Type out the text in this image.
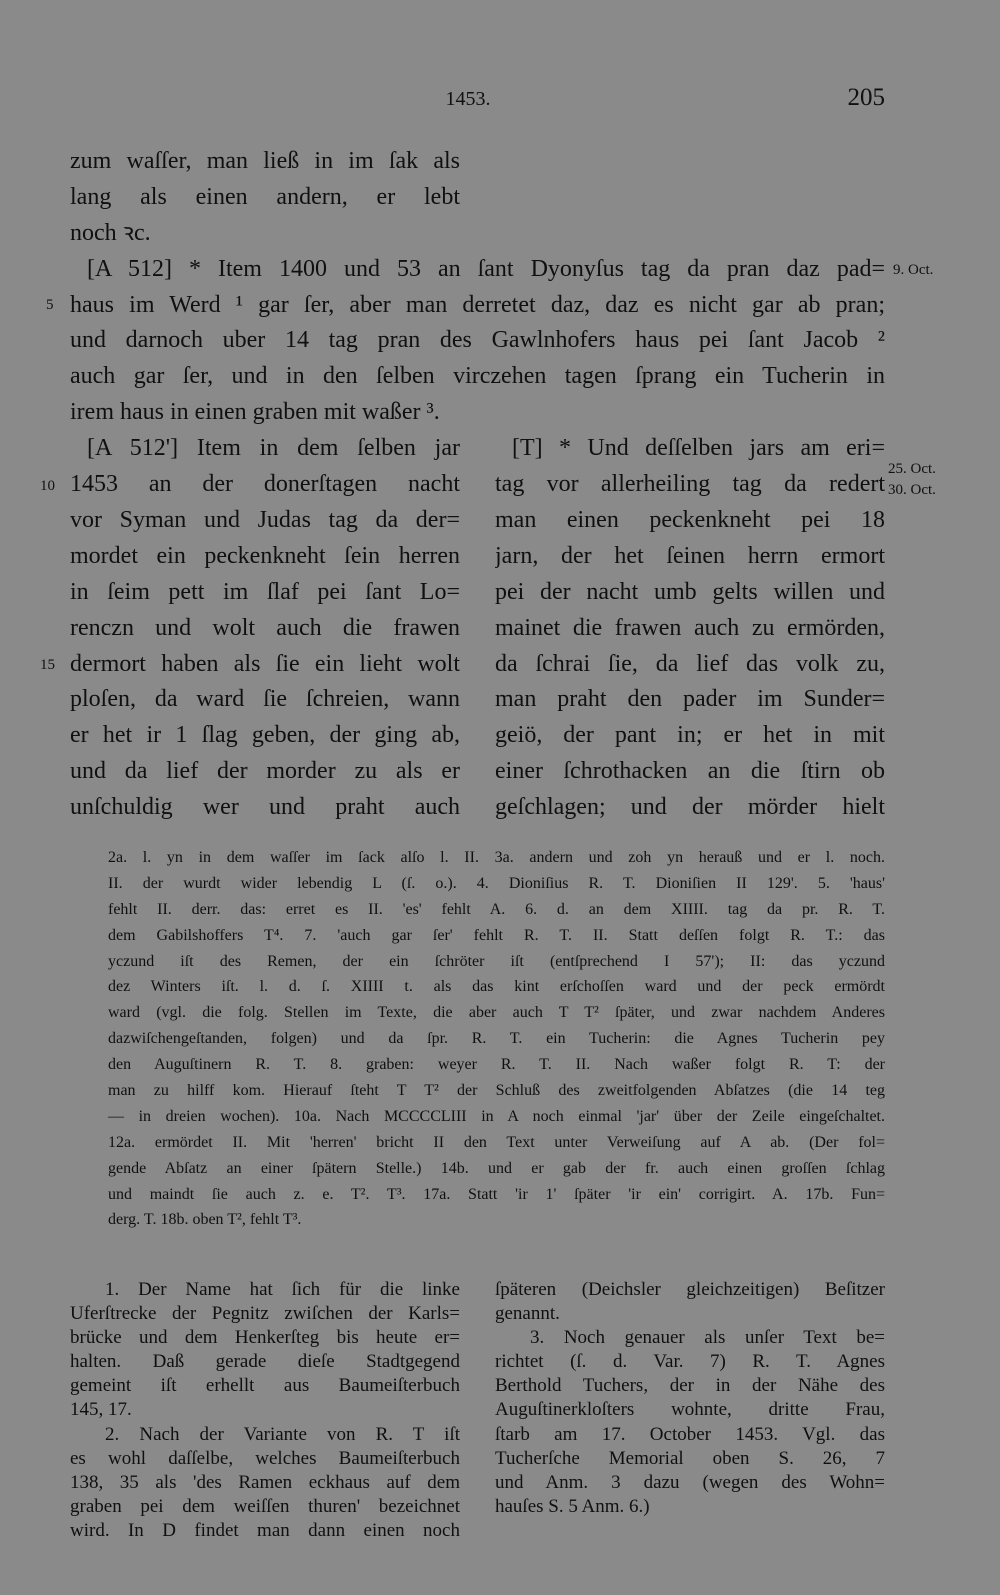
1453.	205
zum waſſer, man ließ in im ſak als
lang als einen andern, er lebt
noch ꝛc.
[A 512] * Item 1400 und 53 an ſant Dyonyſus tag da pran daz pad=
haus im Werd ¹ gar ſer, aber man derretet daz, daz es nicht gar ab pran;
und darnoch uber 14 tag pran des Gawlnhofers haus pei ſant Jacob ²
auch gar ſer, und in den ſelben virczehen tagen ſprang ein Tucherin in
irem haus in einen graben mit waßer ³.
[A 512'] Item in dem ſelben jar
1453 an der donerſtagen nacht
vor Syman und Judas tag da der=
mordet ein peckenkneht ſein herren
in ſeim pett im ſlaf pei ſant Lo=
renczn und wolt auch die frawen
dermort haben als ſie ein lieht wolt
ploſen, da ward ſie ſchreien, wann
er het ir 1 ſlag geben, der ging ab,
und da lief der morder zu als er
unſchuldig wer und praht auch
[T] * Und deſſelben jars am eri=
tag vor allerheiling tag da redert
man einen peckenkneht pei 18
jarn, der het ſeinen herrn ermort
pei der nacht umb gelts willen und
mainet die frawen auch zu ermörden,
da ſchrai ſie, da lief das volk zu,
man praht den pader im Sunder=
geiö, der pant in; er het in mit
einer ſchrothacken an die ſtirn ob
geſchlagen; und der mörder hielt
5
10
15
9. Oct.
25. Oct.
30. Oct.
2a. l. yn in dem waſſer im ſack alſo l. II. 3a. andern und zoh yn herauß und er l. noch.
II. der wurdt wider lebendig L (ſ. o.). 4. Dioniſius R. T. Dioniſien II 129'. 5. 'haus'
fehlt II. derr. das: erret es II. 'es' fehlt A. 6. d. an dem XIIII. tag da pr. R. T.
dem Gabilshoffers T⁴. 7. 'auch gar ſer' fehlt R. T. II. Statt deſſen folgt R. T.: das
yczund iſt des Remen, der ein ſchröter iſt (entſprechend I 57'); II: das yczund
dez Winters iſt. l. d. ſ. XIIII t. als das kint erſchoſſen ward und der peck ermördt
ward (vgl. die folg. Stellen im Texte, die aber auch T T² ſpäter, und zwar nachdem Anderes
dazwiſchengeſtanden, folgen) und da ſpr. R. T. ein Tucherin: die Agnes Tucherin pey
den Auguſtinern R. T. 8. graben: weyer R. T. II. Nach waßer folgt R. T: der
man zu hilff kom. Hierauf ſteht T T² der Schluß des zweitfolgenden Abſatzes (die 14 teg
— in dreien wochen). 10a. Nach MCCCCLIII in A noch einmal 'jar' über der Zeile eingeſchaltet.
12a. ermördet II. Mit 'herren' bricht II den Text unter Verweiſung auf A ab. (Der fol=
gende Abſatz an einer ſpätern Stelle.) 14b. und er gab der fr. auch einen groſſen ſchlag
und maindt ſie auch z. e. T². T³. 17a. Statt 'ir 1' ſpäter 'ir ein' corrigirt. A. 17b. Fun=
derg. T. 18b. oben T², fehlt T³.
1. Der Name hat ſich für die linke
Uferſtrecke der Pegnitz zwiſchen der Karls=
brücke und dem Henkerſteg bis heute er=
halten. Daß gerade dieſe Stadtgegend
gemeint iſt erhellt aus Baumeiſterbuch
145, 17.
2. Nach der Variante von R. T iſt
es wohl daſſelbe, welches Baumeiſterbuch
138, 35 als 'des Ramen eckhaus auf dem
graben pei dem weiſſen thuren' bezeichnet
wird. In D findet man dann einen noch
ſpäteren (Deichsler gleichzeitigen) Beſitzer
genannt.
3. Noch genauer als unſer Text be=
richtet (ſ. d. Var. 7) R. T. Agnes
Berthold Tuchers, der in der Nähe des
Auguſtinerkloſters wohnte, dritte Frau,
ſtarb am 17. October 1453. Vgl. das
Tucherſche Memorial oben S. 26, 7
und Anm. 3 dazu (wegen des Wohn=
hauſes S. 5 Anm. 6.)
